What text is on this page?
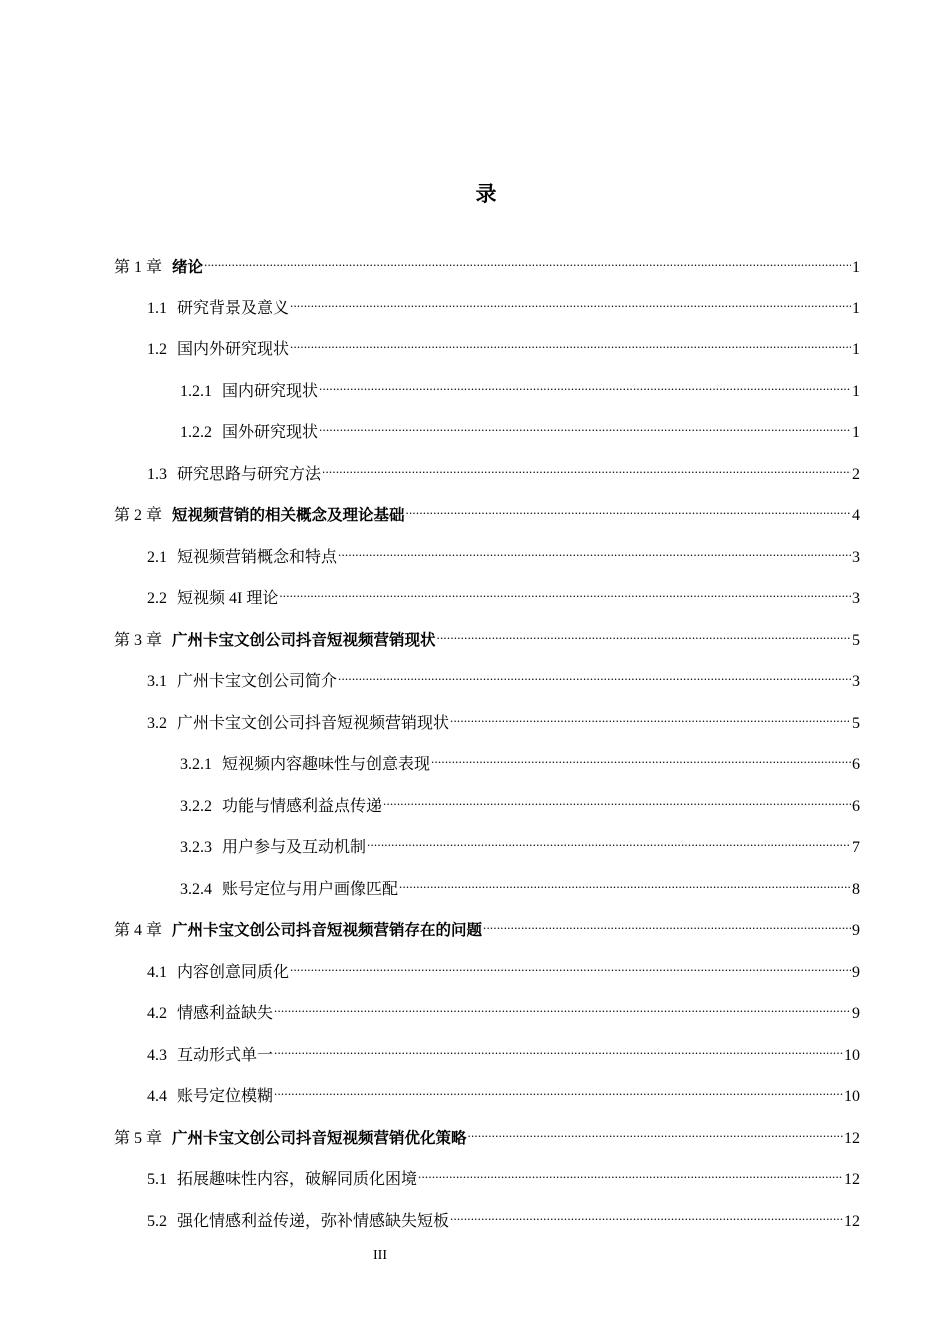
录
第 1 章 绪论 .....	1
1.1 研究背景及意义 .....	1
1.2 国内外研究现状 .....	1
1.2.1 国内研究现状 .....	1
1.2.2 国外研究现状 .....	1
1.3 研究思路与研究方法 .....	2
第 2 章 短视频营销的相关概念及理论基础 .....	4
2.1 短视频营销概念和特点 .....	3
2.2 短视频 4I 理论 .....	3
第 3 章 广州卡宝文创公司抖音短视频营销现状 .....	5
3.1 广州卡宝文创公司简介 .....	3
3.2 广州卡宝文创公司抖音短视频营销现状 .....	5
3.2.1 短视频内容趣味性与创意表现 .....	6
3.2.2 功能与情感利益点传递 .....	6
3.2.3 用户参与及互动机制 .....	7
3.2.4 账号定位与用户画像匹配 .....	8
第 4 章 广州卡宝文创公司抖音短视频营销存在的问题 .....	9
4.1 内容创意同质化 .....	9
4.2 情感利益缺失 .....	9
4.3 互动形式单一 .....	10
4.4 账号定位模糊 .....	10
第 5 章 广州卡宝文创公司抖音短视频营销优化策略 .....	12
5.1 拓展趣味性内容，破解同质化困境 .....	12
5.2 强化情感利益传递，弥补情感缺失短板 .....	12
III
